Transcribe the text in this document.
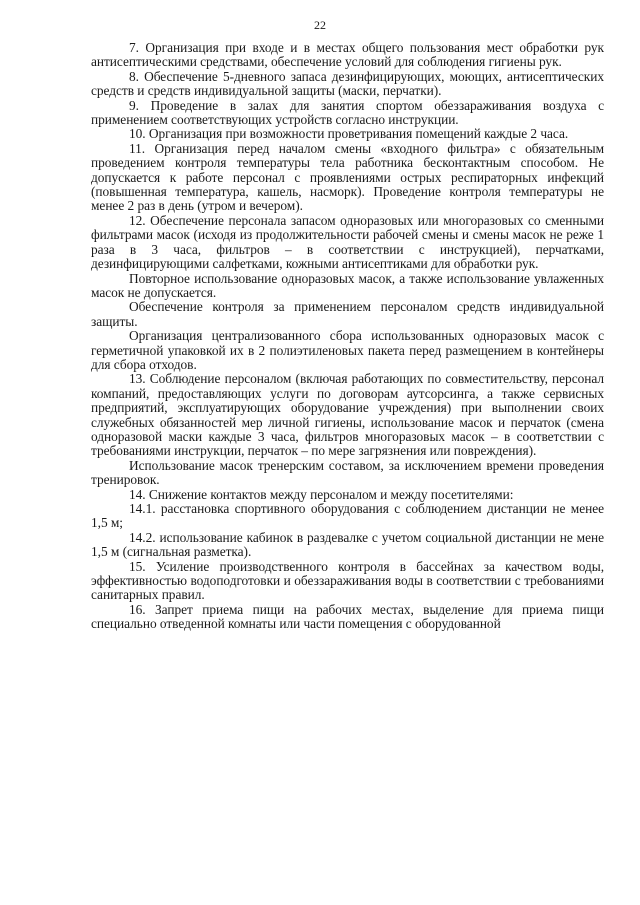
22

7. Организация при входе и в местах общего пользования мест обработки рук антисептическими средствами, обеспечение условий для соблюдения гигиены рук.

8. Обеспечение 5-дневного запаса дезинфицирующих, моющих, антисептических средств и средств индивидуальной защиты (маски, перчатки).

9. Проведение в залах для занятия спортом обеззараживания воздуха с применением соответствующих устройств согласно инструкции.

10. Организация при возможности проветривания помещений каждые 2 часа.

11. Организация перед началом смены «входного фильтра» с обязательным проведением контроля температуры тела работника бесконтактным способом. Не допускается к работе персонал с проявлениями острых респираторных инфекций (повышенная температура, кашель, насморк). Проведение контроля температуры не менее 2 раз в день (утром и вечером).

12. Обеспечение персонала запасом одноразовых или многоразовых со сменными фильтрами масок (исходя из продолжительности рабочей смены и смены масок не реже 1 раза в 3 часа, фильтров – в соответствии с инструкцией), перчатками, дезинфицирующими салфетками, кожными антисептиками для обработки рук.

Повторное использование одноразовых масок, а также использование увлаженных масок не допускается.

Обеспечение контроля за применением персоналом средств индивидуальной защиты.

Организация централизованного сбора использованных одноразовых масок с герметичной упаковкой их в 2 полиэтиленовых пакета перед размещением в контейнеры для сбора отходов.

13. Соблюдение персоналом (включая работающих по совместительству, персонал компаний, предоставляющих услуги по договорам аутсорсинга, а также сервисных предприятий, эксплуатирующих оборудование учреждения) при выполнении своих служебных обязанностей мер личной гигиены, использование масок и перчаток (смена одноразовой маски каждые 3 часа, фильтров многоразовых масок – в соответствии с требованиями инструкции, перчаток – по мере загрязнения или повреждения).

Использование масок тренерским составом, за исключением времени проведения тренировок.

14. Снижение контактов между персоналом и между посетителями:

14.1. расстановка спортивного оборудования с соблюдением дистанции не менее 1,5 м;

14.2. использование кабинок в раздевалке с учетом социальной дистанции не мене 1,5 м (сигнальная разметка).

15. Усиление производственного контроля в бассейнах за качеством воды, эффективностью водоподготовки и обеззараживания воды в соответствии с требованиями санитарных правил.

16. Запрет приема пищи на рабочих местах, выделение для приема пищи специально отведенной комнаты или части помещения с оборудованной
